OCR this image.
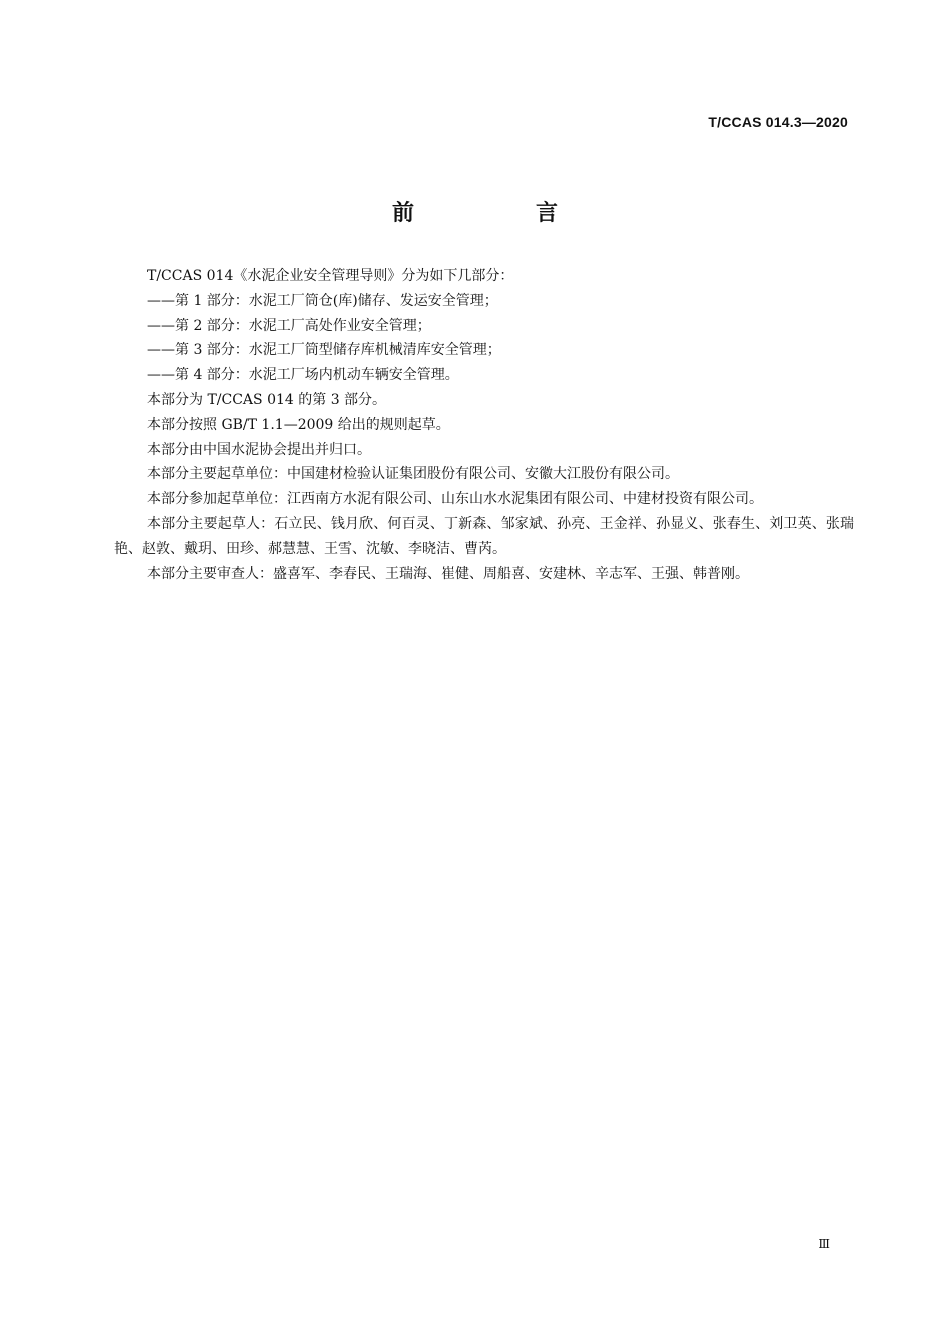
T/CCAS 014.3—2020
前　言

T/CCAS 014《水泥企业安全管理导则》分为如下几部分：

——第 1 部分：水泥工厂筒仓(库)储存、发运安全管理；

——第 2 部分：水泥工厂高处作业安全管理；

——第 3 部分：水泥工厂筒型储存库机械清库安全管理；

——第 4 部分：水泥工厂场内机动车辆安全管理。

本部分为 T/CCAS 014 的第 3 部分。

本部分按照 GB/T 1.1—2009 给出的规则起草。

本部分由中国水泥协会提出并归口。

本部分主要起草单位：中国建材检验认证集团股份有限公司、安徽大江股份有限公司。

本部分参加起草单位：江西南方水泥有限公司、山东山水水泥集团有限公司、中建材投资有限公司。

本部分主要起草人：石立民、钱月欣、何百灵、丁新森、邹家斌、孙亮、王金祥、孙显义、张春生、刘卫英、张瑞艳、赵敦、戴玥、田珍、郝慧慧、王雪、沈敏、李晓洁、曹芮。

本部分主要审查人：盛喜军、李春民、王瑞海、崔健、周船喜、安建林、辛志军、王强、韩普刚。

Ⅲ
